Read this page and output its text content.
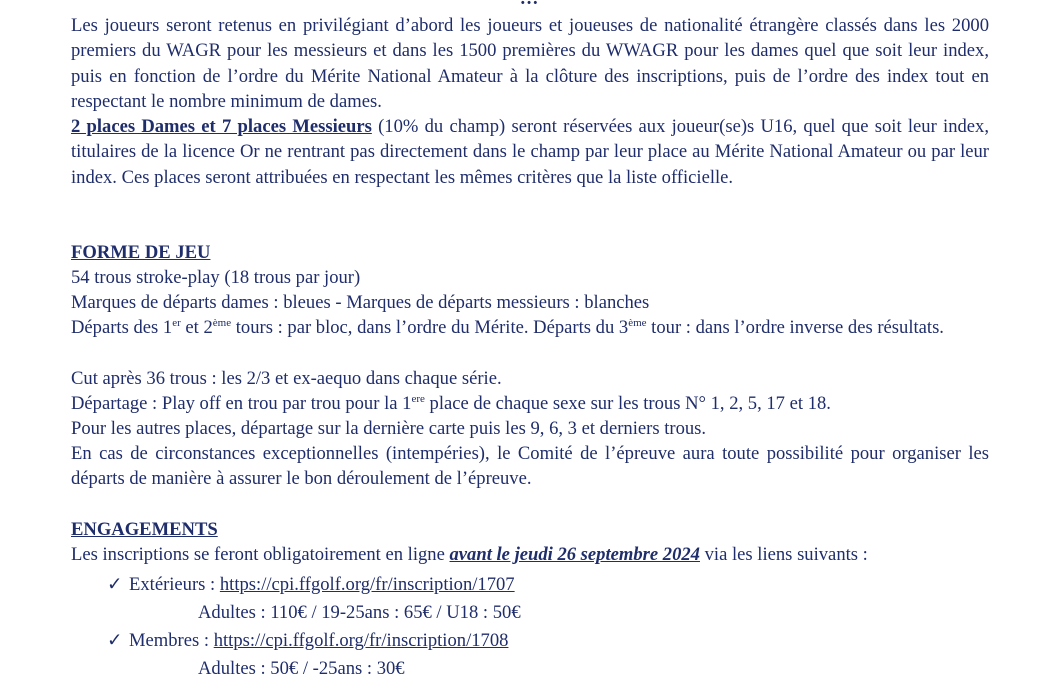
Les joueurs seront retenus en privilégiant d’abord les joueurs et joueuses de nationalité étrangère classés dans les 2000 premiers du WAGR pour les messieurs et dans les 1500 premières du WWAGR pour les dames quel que soit leur index, puis en fonction de l’ordre du Mérite National Amateur à la clôture des inscriptions, puis de l’ordre des index tout en respectant le nombre minimum de dames.
2 places Dames et 7 places Messieurs (10% du champ) seront réservées aux joueur(se)s U16, quel que soit leur index, titulaires de la licence Or ne rentrant pas directement dans le champ par leur place au Mérite National Amateur ou par leur index. Ces places seront attribuées en respectant les mêmes critères que la liste officielle.
FORME DE JEU
54 trous stroke-play (18 trous par jour)
Marques de départs dames : bleues - Marques de départs messieurs : blanches
Départs des 1er et 2ème tours : par bloc, dans l’ordre du Mérite. Départs du 3ème tour : dans l’ordre inverse des résultats.
Cut après 36 trous : les 2/3 et ex-aequo dans chaque série.
Départage : Play off en trou par trou pour la 1ere place de chaque sexe sur les trous N° 1, 2, 5, 17 et 18.
Pour les autres places, départage sur la dernière carte puis les 9, 6, 3 et derniers trous.
En cas de circonstances exceptionnelles (intempéries), le Comité de l’épreuve aura toute possibilité pour organiser les départs de manière à assurer le bon déroulement de l’épreuve.
ENGAGEMENTS
Les inscriptions se feront obligatoirement en ligne avant le jeudi 26 septembre 2024 via les liens suivants :
✓ Extérieurs : https://cpi.ffgolf.org/fr/inscription/1707
Adultes : 110€ / 19-25ans : 65€ / U18 : 50€
✓ Membres : https://cpi.ffgolf.org/fr/inscription/1708
Adultes : 50€ / -25ans : 30€
